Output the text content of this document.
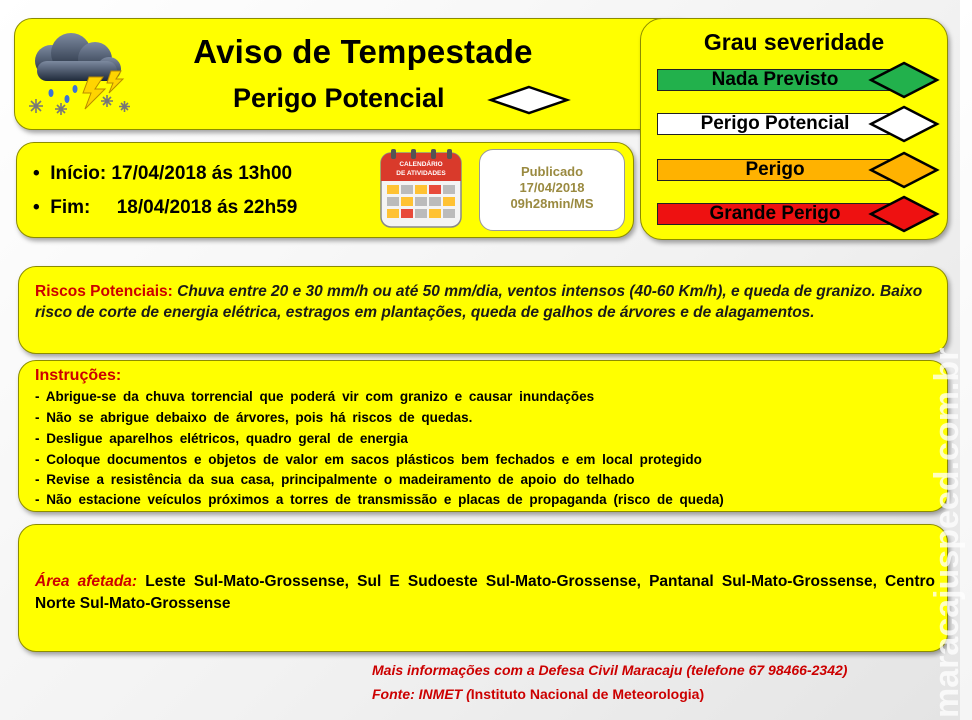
Aviso de Tempestade
Perigo Potencial
Grau severidade
Nada Previsto
Perigo Potencial
Perigo
Grande Perigo
•  Início: 17/04/2018 ás 13h00
•  Fim:     18/04/2018 ás 22h59
CALENDÁRIO
DE ATIVIDADES	Publicado
17/04/2018
09h28min/MS
Riscos Potenciais: Chuva entre 20 e 30 mm/h ou até 50 mm/dia, ventos intensos (40-60 Km/h), e queda de granizo. Baixo risco de corte de energia elétrica, estragos em plantações, queda de galhos de árvores e de alagamentos.
Instruções:
- Abrigue-se da chuva torrencial que poderá vir com granizo e causar inundações
- Não se abrigue debaixo de árvores, pois há riscos de quedas.
- Desligue aparelhos elétricos, quadro geral de energia
- Coloque documentos e objetos de valor em sacos plásticos bem fechados e em local protegido
- Revise a resistência da sua casa, principalmente o madeiramento de apoio do telhado
- Não estacione veículos próximos a torres de transmissão e placas de propaganda (risco de queda)
Área afetada: Leste Sul-Mato-Grossense, Sul E Sudoeste Sul-Mato-Grossense, Pantanal Sul-Mato-Grossense, Centro Norte Sul-Mato-Grossense
Mais informações com a Defesa Civil Maracaju (telefone 67 98466-2342)
Fonte: INMET (Instituto Nacional de Meteorologia)	maracajuspeed.com.br
